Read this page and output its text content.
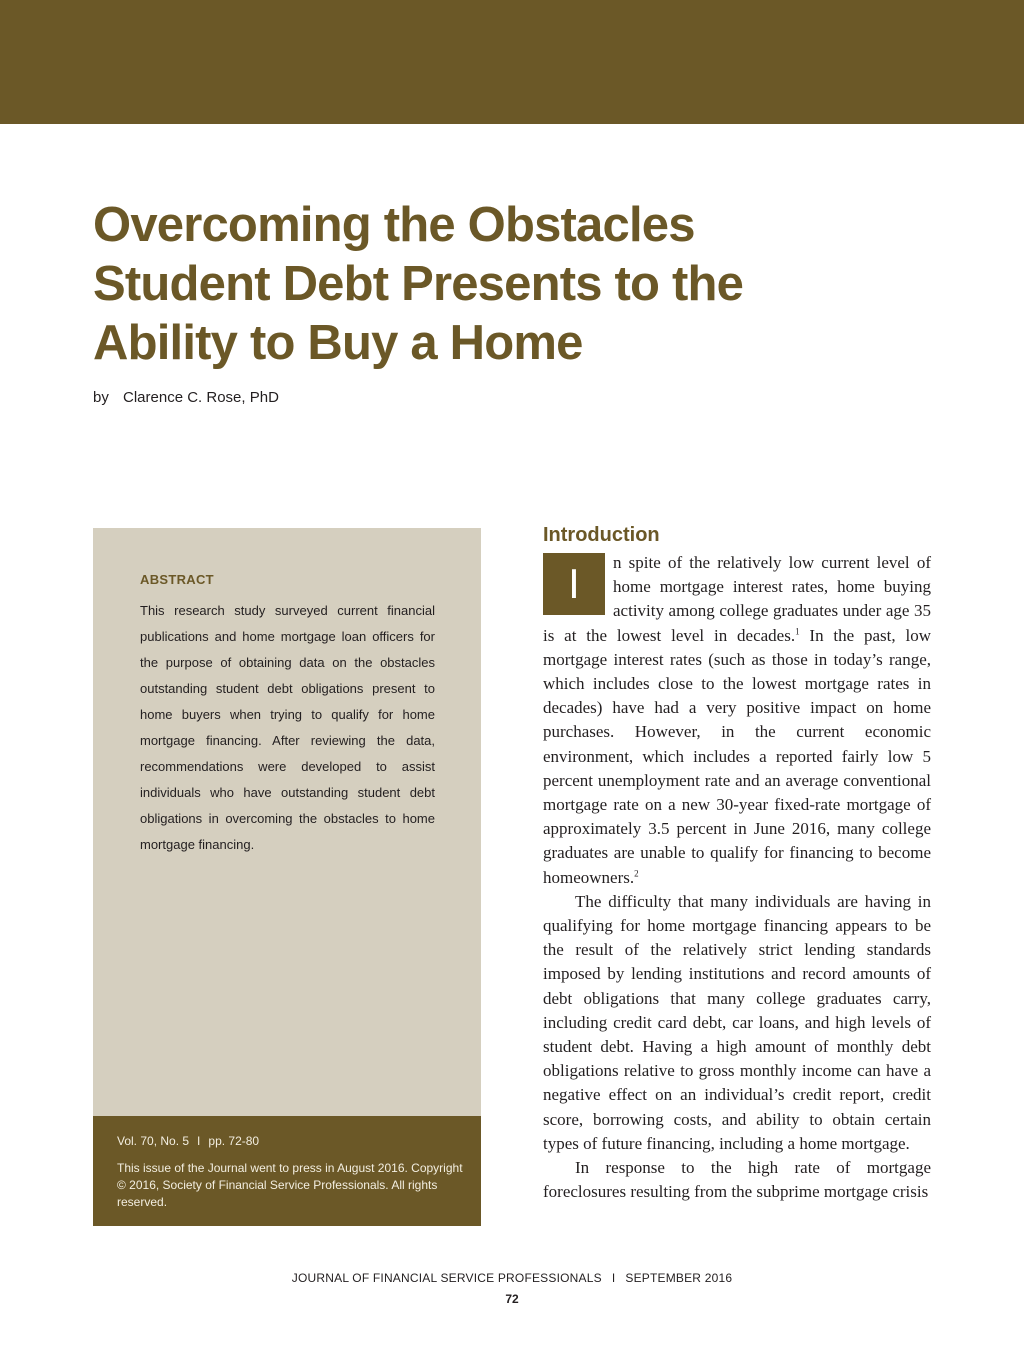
Overcoming the Obstacles
Student Debt Presents to the
Ability to Buy a Home
by Clarence C. Rose, PhD
ABSTRACT
This research study surveyed current financial publications and home mortgage loan officers for the purpose of obtaining data on the obstacles outstanding student debt obligations present to home buyers when trying to qualify for home mortgage financing. After reviewing the data, recommendations were developed to assist individuals who have outstanding student debt obligations in overcoming the obstacles to home mortgage financing.
Vol. 70, No. 5 I pp. 72-80
This issue of the Journal went to press in August 2016. Copyright © 2016, Society of Financial Service Professionals. All rights reserved.
Introduction

I	n spite of the relatively low current level of home mortgage interest rates, home buying activity among college graduates under age 35 is at the lowest level in decades.$^1$ In the past, low mortgage interest rates (such as those in today’s range, which includes close to the lowest mortgage rates in decades) have had a very positive impact on home purchases. However, in the current economic environment, which includes a reported fairly low 5 percent unemployment rate and an average conventional mortgage rate on a new 30-year fixed-rate mortgage of approximately 3.5 percent in June 2016, many college graduates are unable to qualify for financing to become homeowners.$^2$

The difficulty that many individuals are having in qualifying for home mortgage financing appears to be the result of the relatively strict lending standards imposed by lending institutions and record amounts of debt obligations that many college graduates carry, including credit card debt, car loans, and high levels of student debt. Having a high amount of monthly debt obligations relative to gross monthly income can have a negative effect on an individual’s credit report, credit score, borrowing costs, and ability to obtain certain types of future financing, including a home mortgage.

In response to the high rate of mortgage foreclosures resulting from the subprime mortgage crisis

JOURNAL OF FINANCIAL SERVICE PROFESSIONALS I SEPTEMBER 2016
72
